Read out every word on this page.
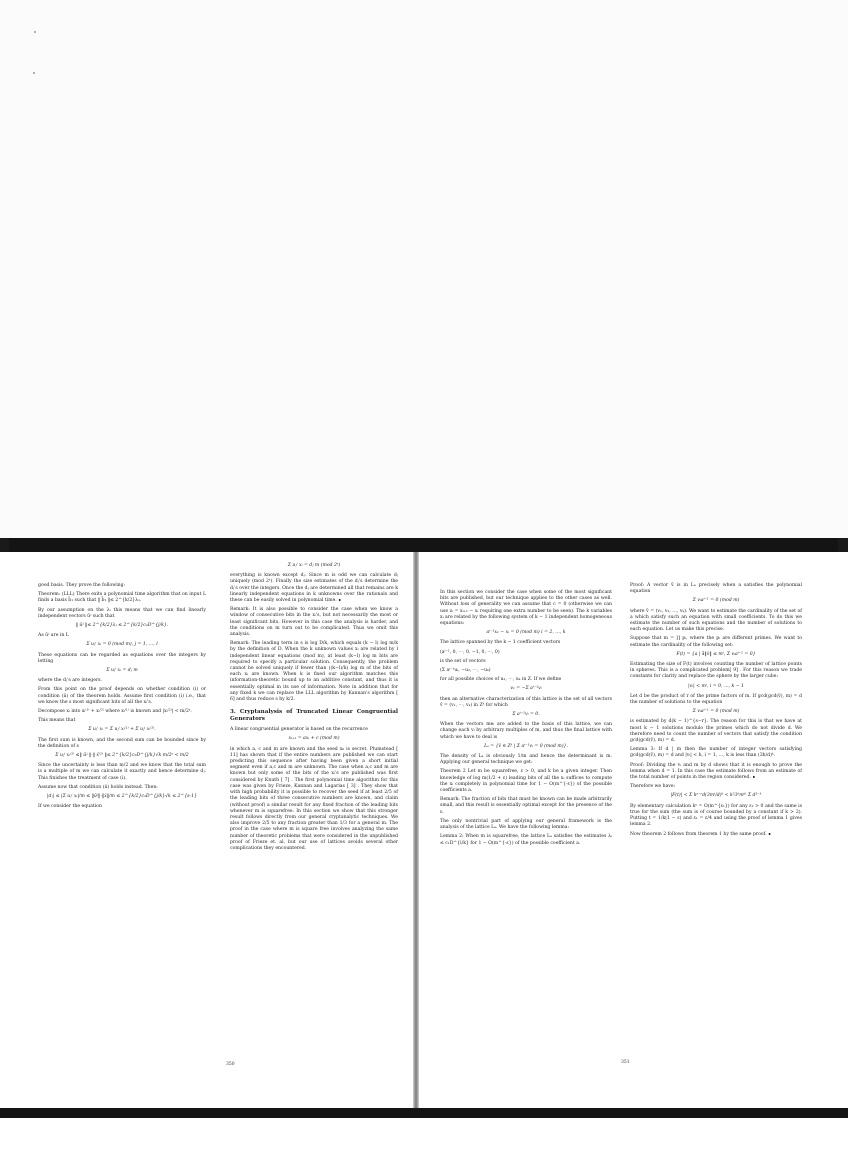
good basis. They prove the following:

Theorem: (LLL) There exits a polynomial time algorithm that on input L finds a basis b̄₁ such that ‖ b̄₁ ‖≤ 2^{k/2}λ₁.

By our assumption on the λᵢ this means that we can find linearly independent vectors ūʲ such that

‖ ūʲ ‖≤ 2^{k/2}λⱼ ≤ 2^{k/2}c₂D^{j/k}.

As ūʲ are in L

Σ uⱼⁱ xᵢ = 0 (mod m), j = 1, …, l

These equations can be regarded as equations over the integers by letting

Σ uⱼⁱ xᵢ = dⱼ m

where the dⱼ's are integers.

From this point on the proof depends on whether condition (i) or condition (ii) of the theorem holds. Assume first condition (i) i.e., that we know the s most significant bits of all the xᵢ's.

Decompose xᵢ into xᵢ⁽¹⁾ + xᵢ⁽²⁾ where xᵢ⁽¹⁾ is known and |xᵢ⁽²⁾| < m/2ˢ.

This means that

Σ uⱼⁱ xᵢ = Σ uⱼⁱ xᵢ⁽¹⁾ + Σ uⱼⁱ xᵢ⁽²⁾.

The first sum is known, and the second sum can be bounded since by the definition of s

Σ uⱼⁱ xᵢ⁽²⁾ ≤‖ ūʲ ‖·‖ x̄⁽²⁾ ‖≤ 2^{k/2}c₂D^{j/k}√k m/2ˢ < m/2

Since the uncertainty is less than m/2 and we know that the total sum is a multiple of m we can calculate it exactly and hence determine dⱼ. This finishes the treatment of case (i).

Assume now that condition (ii) holds instead. Then:

|dⱼ| ≤ |Σ uⱼⁱ xᵢ|/m ≤ ‖ūʲ‖·‖x̄‖/m ≤ 2^{k/2}c₂D^{j/k}√k ≤ 2^{s-1}

If we consider the equation

Σ uⱼⁱ xᵢ = dⱼ m (mod 2ˢ)

everything is known except dⱼ. Since m is odd we can calculate dⱼ uniquely (mod 2ˢ). Finally the size estimates of the dⱼ's determine the dⱼ's over the integers. Once the dⱼ are determined all that remains are k linearly independent equations in k unknowns over the rationals and these can be easily solved in polynomial time. ∎

Remark: It is also possible to consider the case when we know a window of consecutive bits in the xᵢ's, but not necessarily the most or least significant bits. However in this case the analysis is harder, and the conditions on m turn out to be complicated. Thus we omit this analysis.

Remark: The leading term in s is log D/k, which equals (k − l) log m/k by the definition of D. When the k unknown values xᵢ are related by l independent linear equations (mod m), at least (k−l) log m bits are required to specify a particular solution. Consequently, the problem cannot be solved uniquely if fewer than ((k−l)/k) log m of the bits of each xᵢ are known. When k is fixed our algorithm matches this information-theoretic bound up to an additive constant, and thus it is essentially optimal in its use of information. Note in addition that for any fixed k we can replace the LLL algorithm by Kannan's algorithm [ 6] and thus reduce s by k/2.

3. Cryptanalysis of Truncated Linear Congruential Generators

A linear congruential generator is based on the recurrence

xᵢ₊₁ = axᵢ + c (mod m)

in which a, c and m are known and the seed x₀ is secret. Plumstead [ 11] has shown that if the entire numbers are published we can start predicting this sequence after having been given a short initial segment even if a,c and m are unknown. The case when a,c and m are known but only some of the bits of the xᵢ's are published was first considered by Knuth [ 7] . The first polynomial time algorithm for this case was given by Frieze, Kannan and Lagarias [ 3] . They show that with high probability it is possible to recover the seed if at least 2/5 of the leading bits of three consecutive numbers are known, and claim (without proof) a similar result for any fixed fraction of the leading bits whenever m is squarefree. In this section we show that this stronger result follows directly from our general cryptanalytic techniques. We also improve 2/5 to any fraction greater than 1/3 for a general m. The proof in the case where m is square free involves analyzing the same number of theoretic problems that were considered in the unpublished proof of Frieze et. al. but our use of lattices avoids several other complications they encountered.

In this section we consider the case when some of the most significant bits are published, but our technique applies to the other cases as well. Without loss of generality we can assume that c = 0 (otherwise we can use zᵢ = xᵢ₊₁ − xᵢ requiring one extra number to be seen). The k variables xᵢ are related by the following system of k − 1 independent homogeneous equations:

aⁱ⁻¹x₁ − xᵢ = 0 (mod m) i = 2, …, k

The lattice spanned by the k − 1 coefficient vectors

(aⁱ⁻¹, 0, ⋯, 0, −1, 0, ⋯, 0)

is the set of vectors

(Σ aⁱ⁻¹uᵢ, −u₂, ⋯, −uₖ)

for all possible choices of u₂, ⋯, uₖ in Z. If we define

v₁ = −Σ aⁱ⁻¹vᵢ

then an alternative characterization of this lattice is the set of all vectors v̄ = (v₁, ⋯, vₖ) in Zᵏ for which

Σ aⁱ⁻¹vᵢ = 0.

When the vectors meᵢ are added to the basis of this lattice, we can change each vᵢ by arbitrary multiples of m, and thus the final lattice with which we have to deal is

Lₐ = {v̄ ∈ Zᵏ | Σ aⁱ⁻¹vᵢ = 0 (mod m)}.

The density of Lₐ is obviously 1/m and hence the determinant is m. Applying our general technique we get:

Theorem 2 Let m be squarefree, ε > 0, and k be a given integer. Then knowledge of log m(1/2 + ε) leading bits of all the xᵢ suffices to compute the xᵢ completely in polynomial time for 1 − O(m^{-ε}) of the possible coefficients a.

Remark: The fraction of bits that must be known can be made arbitrarily small, and this result is essentially optimal except for the presence of the ε.

The only nontrivial part of applying our general framework is the analysis of the lattice Lₐ. We have the following lemma:

Lemma 2: When m is squarefree, the lattice Lₐ satisfies the estimates λᵢ ≤ c₁D^{i/k} for 1 − O(m^{-ε}) of the possible coefficient a.

Proof: A vector v̄ is in Lₐ precisely when a satisfies the polynomial equation

Σ vᵢaⁱ⁻¹ = 0 (mod m)

where v̄ = (v₁, v₂, …, vₖ). We want to estimate the cardinality of the set of a which satisfy such an equation with small coefficients. To do this we estimate the number of such equations and the number of solutions to each equation. Let us make this precise.

Suppose that m = ∏ pᵢ, where the pᵢ are different primes. We want to estimate the cardinality of the following set:

F(t) = {a | ∃‖v̄‖ ≤ mᵗ, Σ vᵢaⁱ⁻¹ = 0}

Estimating the size of F(t) involves counting the number of lattice points in spheres. This is a complicated problem[ 9] . For this reason we trade constants for clarity and replace the sphere by the larger cube:

|vᵢ| < mᵗ, i = 0, …, k − 1

Let d be the product of r of the prime factors of m. If gcd(gcd(v̄), m) = d the number of solutions to the equation

Σ vᵢaⁱ⁻¹ = 0 (mod m)

is estimated by d(k − 1)^{s−r}. The reason for this is that we have at most k − 1 solutions modulo the primes which do not divide d. We therefore need to count the number of vectors that satisfy the condition gcd(gcd(v̄), m) = d.

Lemma 3: If d | m then the number of integer vectors satisfying gcd(gcd(v̄), m) = d and |vᵢ| < h, i = 1, …, k is less than (3h/d)ᵏ.

Proof: Dividing the vᵢ and m by d shows that it is enough to prove the lemma when d = 1. In this case the estimate follows from an estimate of the total number of points in the region considered. ∎

Therefore we have:

|F(t)| < Σ kˢ⁻ʳd(3mᵗ/d)ᵏ < k²3ᵏmᵏᵗ Σ d¹⁻ᵏ

By elementary calculation kˢ = O(m^{ε₁}) for any ε₁ > 0 and the same is true for the sum (the sum is of course bounded by a constant if k > 2). Putting t = 1/k(1 − ε) and ε₁ = ε/4 and using the proof of lemma 1 gives lemma 2.

Now theorem 2 follows from theorem 1 by the same proof. ∎

350	351
